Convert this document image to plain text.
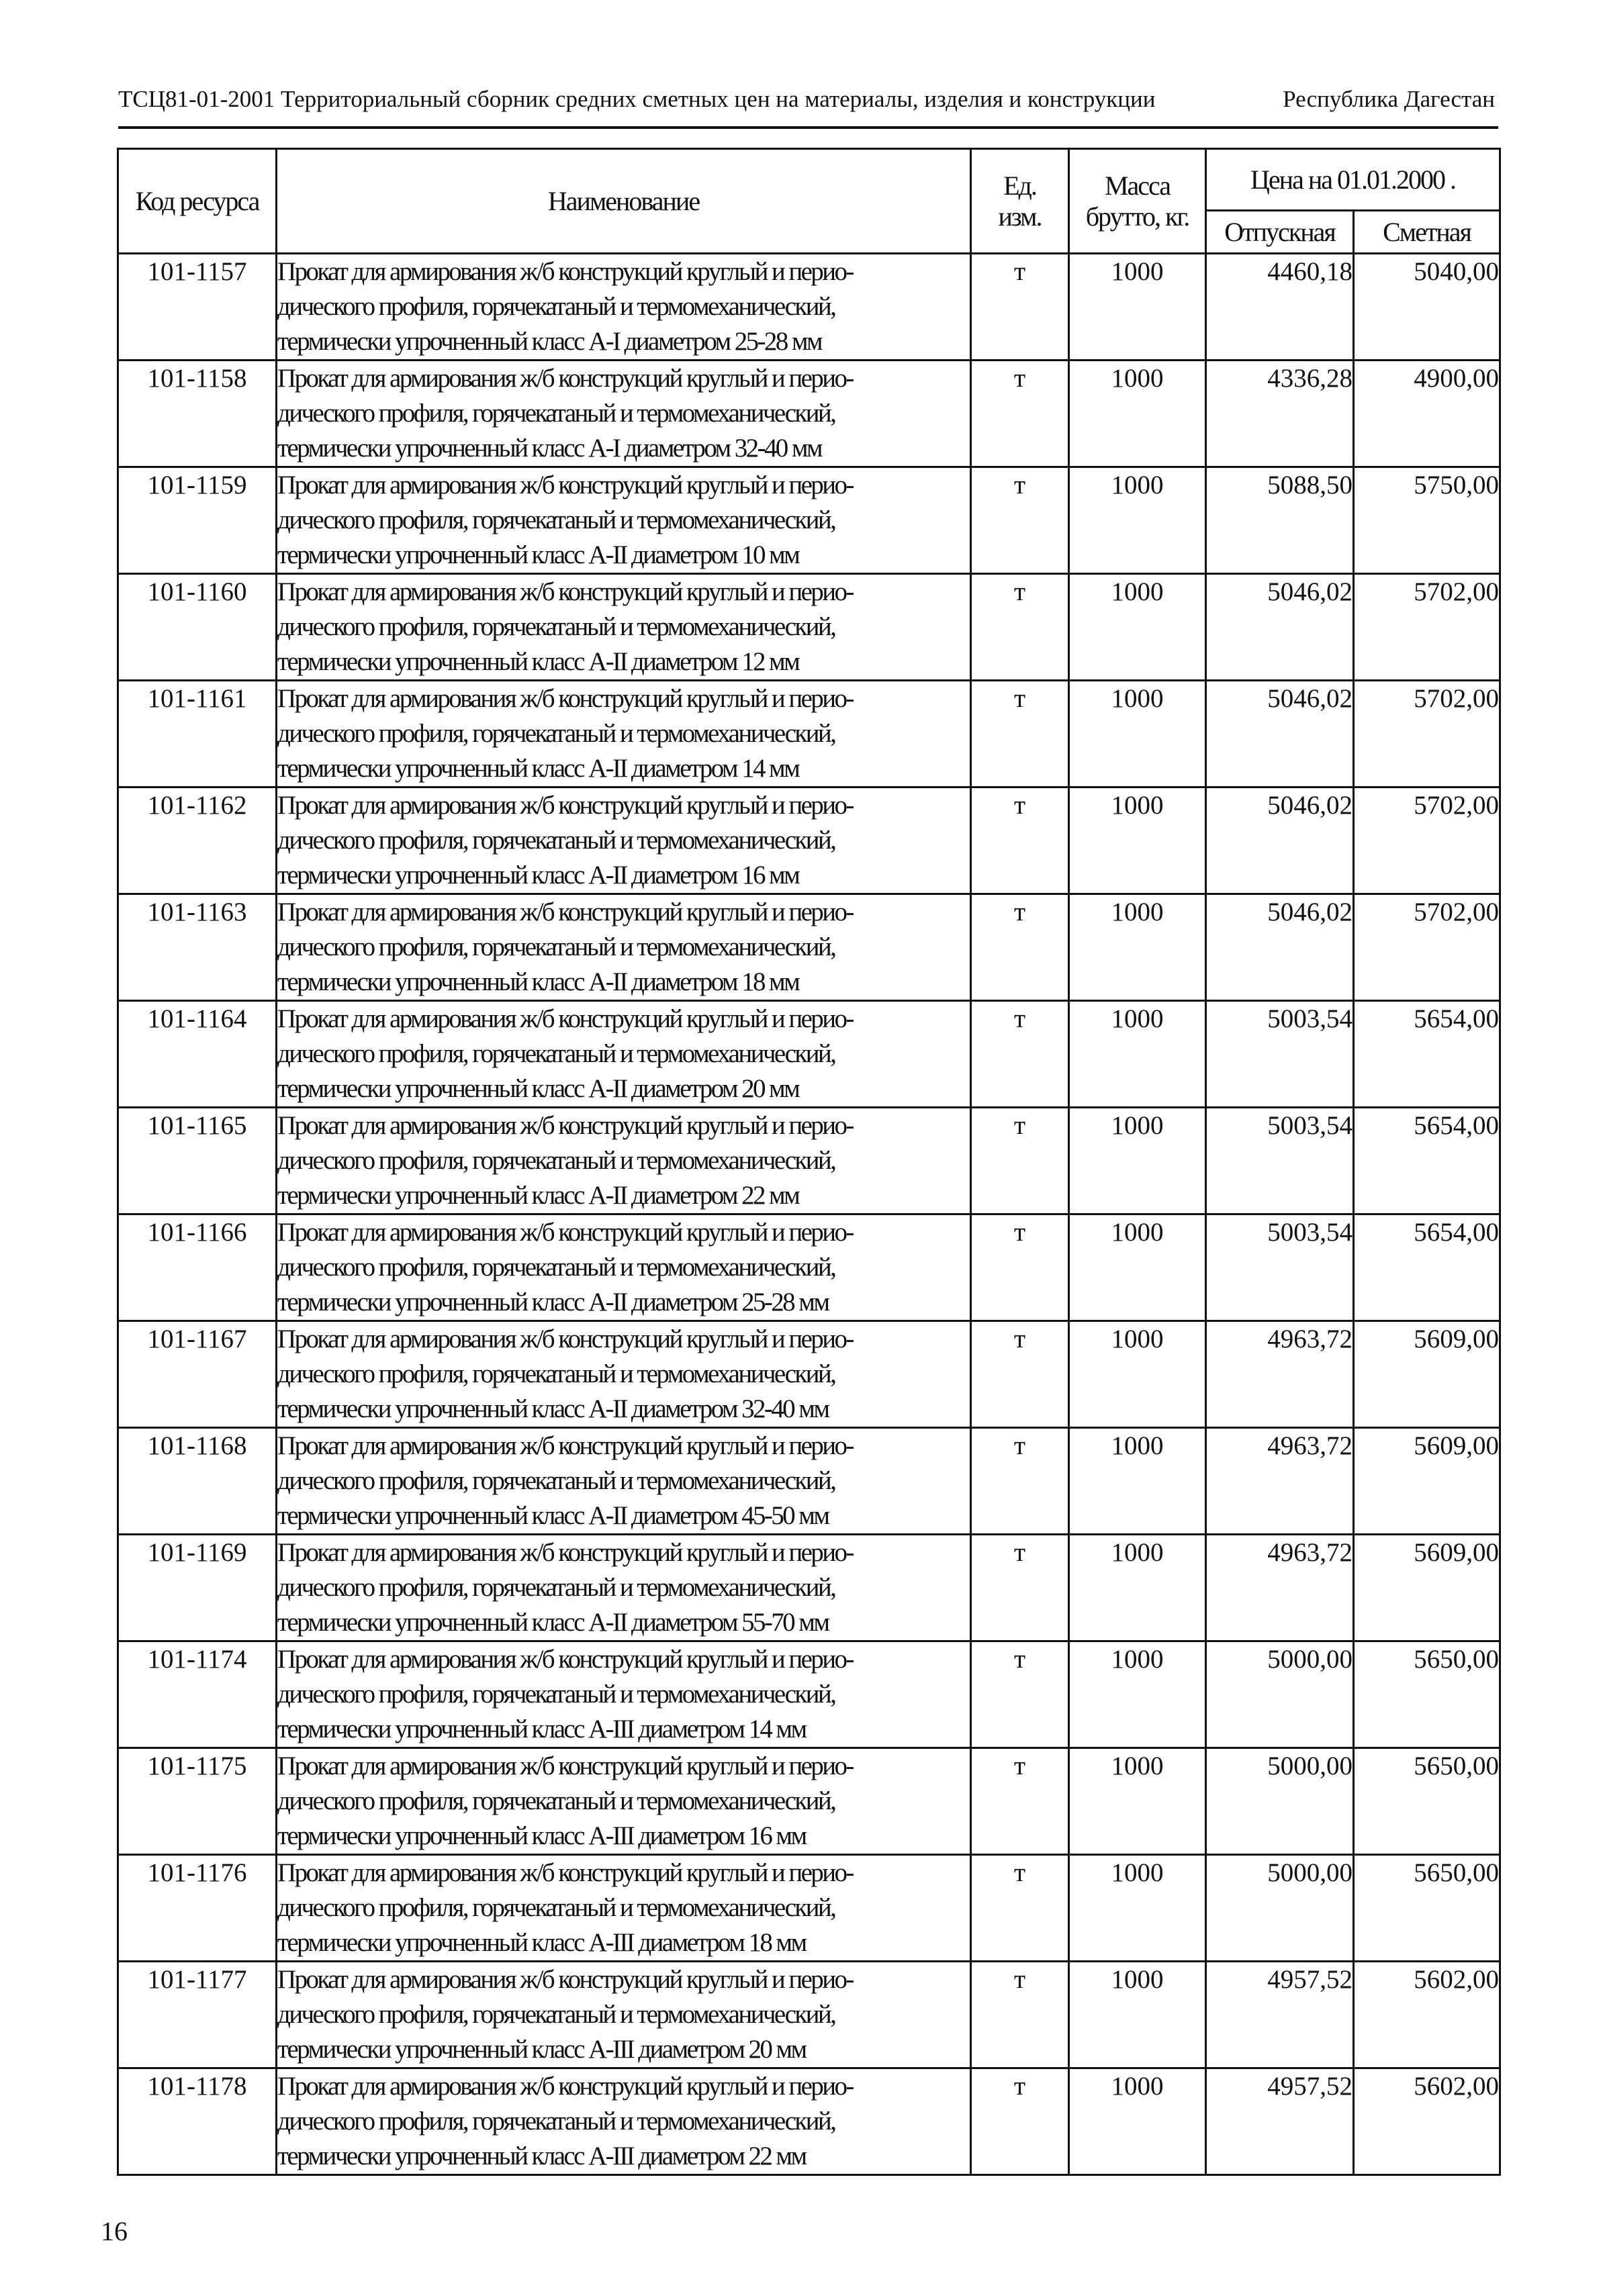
ТСЦ81-01-2001 Территориальный сборник средних сметных цен на материалы, изделия и конструкции	Республика Дагестан
Код ресурса	Наименование	Ед. изм.	Масса брутто, кг.	Цена на 01.01.2000 .	
				Отпускная	Сметная
101-1157	Прокат для армирования ж/б конструкций круглый и перио-
дического профиля, горячекатаный и термомеханический,
термически упрочненный класс А-I диаметром 25-28 мм	т	1000	4460,18	5040,00
101-1158	Прокат для армирования ж/б конструкций круглый и перио-
дического профиля, горячекатаный и термомеханический,
термически упрочненный класс А-I диаметром 32-40 мм	т	1000	4336,28	4900,00
101-1159	Прокат для армирования ж/б конструкций круглый и перио-
дического профиля, горячекатаный и термомеханический,
термически упрочненный класс А-II диаметром 10 мм	т	1000	5088,50	5750,00
101-1160	Прокат для армирования ж/б конструкций круглый и перио-
дического профиля, горячекатаный и термомеханический,
термически упрочненный класс А-II диаметром 12 мм	т	1000	5046,02	5702,00
101-1161	Прокат для армирования ж/б конструкций круглый и перио-
дического профиля, горячекатаный и термомеханический,
термически упрочненный класс А-II диаметром 14 мм	т	1000	5046,02	5702,00
101-1162	Прокат для армирования ж/б конструкций круглый и перио-
дического профиля, горячекатаный и термомеханический,
термически упрочненный класс А-II диаметром 16 мм	т	1000	5046,02	5702,00
101-1163	Прокат для армирования ж/б конструкций круглый и перио-
дического профиля, горячекатаный и термомеханический,
термически упрочненный класс А-II диаметром 18 мм	т	1000	5046,02	5702,00
101-1164	Прокат для армирования ж/б конструкций круглый и перио-
дического профиля, горячекатаный и термомеханический,
термически упрочненный класс А-II диаметром 20 мм	т	1000	5003,54	5654,00
101-1165	Прокат для армирования ж/б конструкций круглый и перио-
дического профиля, горячекатаный и термомеханический,
термически упрочненный класс А-II диаметром 22 мм	т	1000	5003,54	5654,00
101-1166	Прокат для армирования ж/б конструкций круглый и перио-
дического профиля, горячекатаный и термомеханический,
термически упрочненный класс А-II диаметром 25-28 мм	т	1000	5003,54	5654,00
101-1167	Прокат для армирования ж/б конструкций круглый и перио-
дического профиля, горячекатаный и термомеханический,
термически упрочненный класс А-II диаметром 32-40 мм	т	1000	4963,72	5609,00
101-1168	Прокат для армирования ж/б конструкций круглый и перио-
дического профиля, горячекатаный и термомеханический,
термически упрочненный класс А-II диаметром 45-50 мм	т	1000	4963,72	5609,00
101-1169	Прокат для армирования ж/б конструкций круглый и перио-
дического профиля, горячекатаный и термомеханический,
термически упрочненный класс А-II диаметром 55-70 мм	т	1000	4963,72	5609,00
101-1174	Прокат для армирования ж/б конструкций круглый и перио-
дического профиля, горячекатаный и термомеханический,
термически упрочненный класс А-III диаметром 14 мм	т	1000	5000,00	5650,00
101-1175	Прокат для армирования ж/б конструкций круглый и перио-
дического профиля, горячекатаный и термомеханический,
термически упрочненный класс А-III диаметром 16 мм	т	1000	5000,00	5650,00
101-1176	Прокат для армирования ж/б конструкций круглый и перио-
дического профиля, горячекатаный и термомеханический,
термически упрочненный класс А-III диаметром 18 мм	т	1000	5000,00	5650,00
101-1177	Прокат для армирования ж/б конструкций круглый и перио-
дического профиля, горячекатаный и термомеханический,
термически упрочненный класс А-III диаметром 20 мм	т	1000	4957,52	5602,00
101-1178	Прокат для армирования ж/б конструкций круглый и перио-
дического профиля, горячекатаный и термомеханический,
термически упрочненный класс А-III диаметром 22 мм	т	1000	4957,52	5602,00
16
